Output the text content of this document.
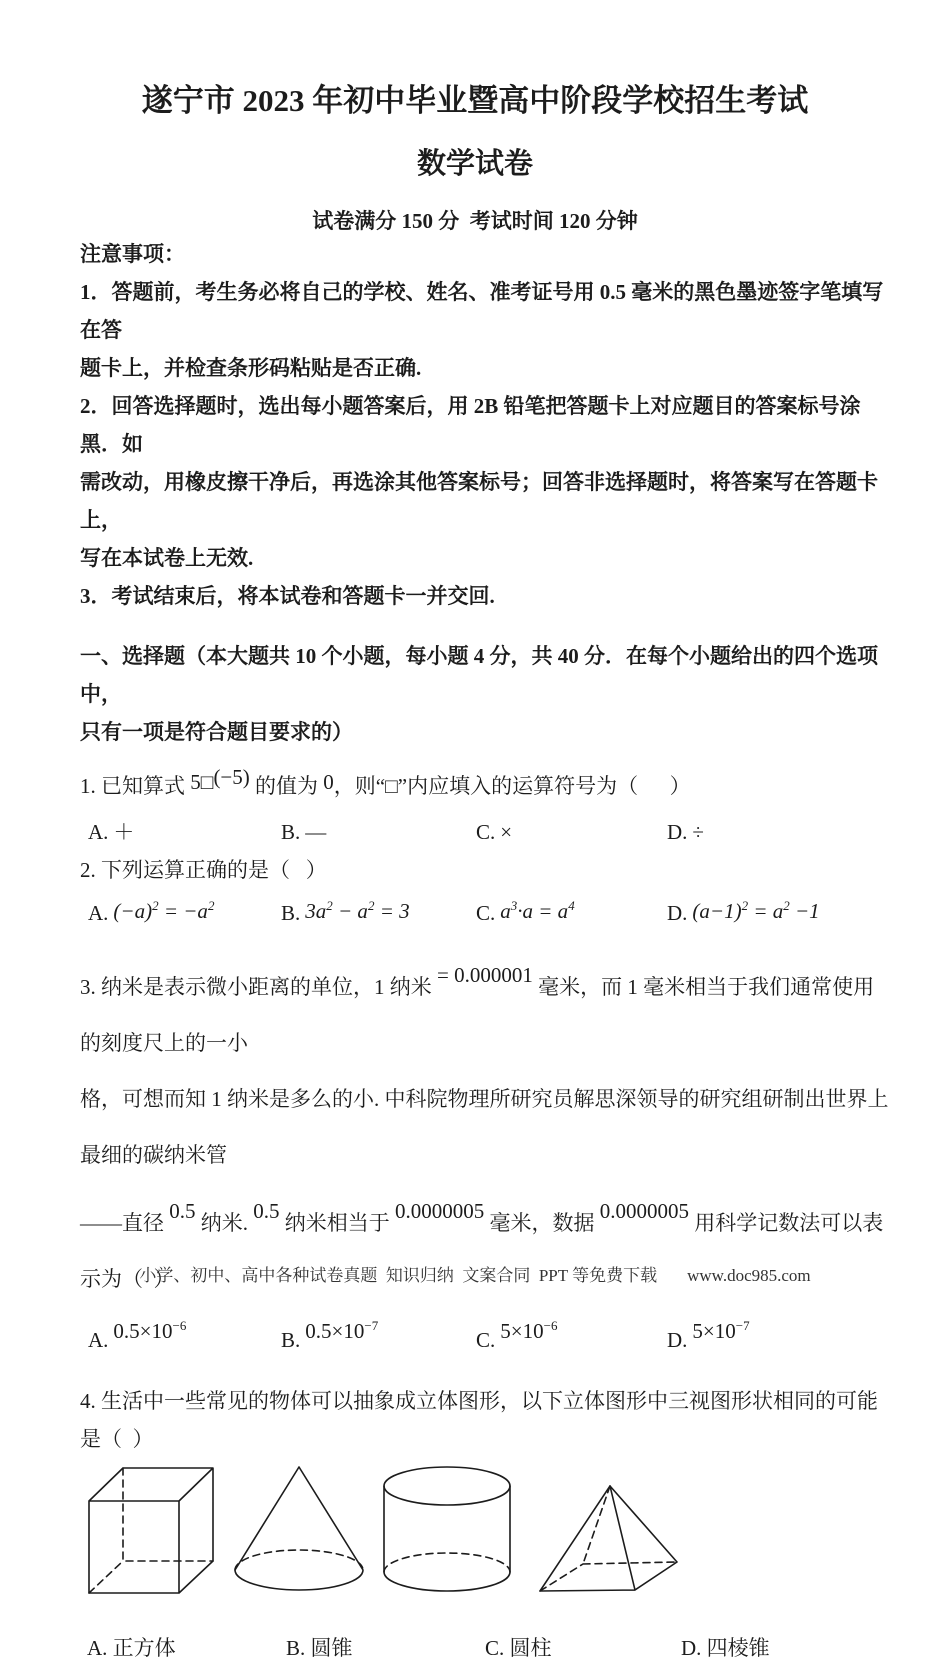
遂宁市 2023 年初中毕业暨高中阶段学校招生考试
数学试卷
试卷满分 150 分  考试时间 120 分钟
注意事项：
1．答题前，考生务必将自己的学校、姓名、准考证号用 0.5 毫米的黑色墨迹签字笔填写在答
题卡上，并检查条形码粘贴是否正确.
2．回答选择题时，选出每小题答案后，用 2B 铅笔把答题卡上对应题目的答案标号涂黑．如
需改动，用橡皮擦干净后，再选涂其他答案标号；回答非选择题时，将答案写在答题卡上，
写在本试卷上无效.
3．考试结束后，将本试卷和答题卡一并交回.
一、选择题（本大题共 10 个小题，每小题 4 分，共 40 分．在每个小题给出的四个选项中，
只有一项是符合题目要求的）
1. 已知算式 5□(−5) 的值为 0，则“□”内应填入的运算符号为（      ）
A. ＋	B. —	C. ×	D. ÷
2. 下列运算正确的是（   ）
A. $(-a)^2 = -a^2$	B. $3a^2 - a^2 = 3$	C. $a^3\cdot a = a^4$	D. $(a-1)^2 = a^2 -1$
3. 纳米是表示微小距离的单位，1 纳米 = 0.000001 毫米，而 1 毫米相当于我们通常使用的刻度尺上的一小
格，可想而知 1 纳米是多么的小. 中科院物理所研究员解思深领导的研究组研制出世界上最细的碳纳米管
——直径 0.5 纳米. 0.5 纳米相当于 0.0000005 毫米，数据 0.0000005 用科学记数法可以表示为（  ）
A. $0.5\times 10^{-6}$
B. $0.5\times 10^{-7}$
C. $5\times 10^{-6}$
D. $5\times 10^{-7}$
4. 生活中一些常见的物体可以抽象成立体图形，以下立体图形中三视图形状相同的可能是（  ）
A. 正方体	B. 圆锥	C. 圆柱	D. 四棱锥
小学、初中、高中各种试卷真题  知识归纳  文案合同  PPT 等免费下载 www.doc985.com
